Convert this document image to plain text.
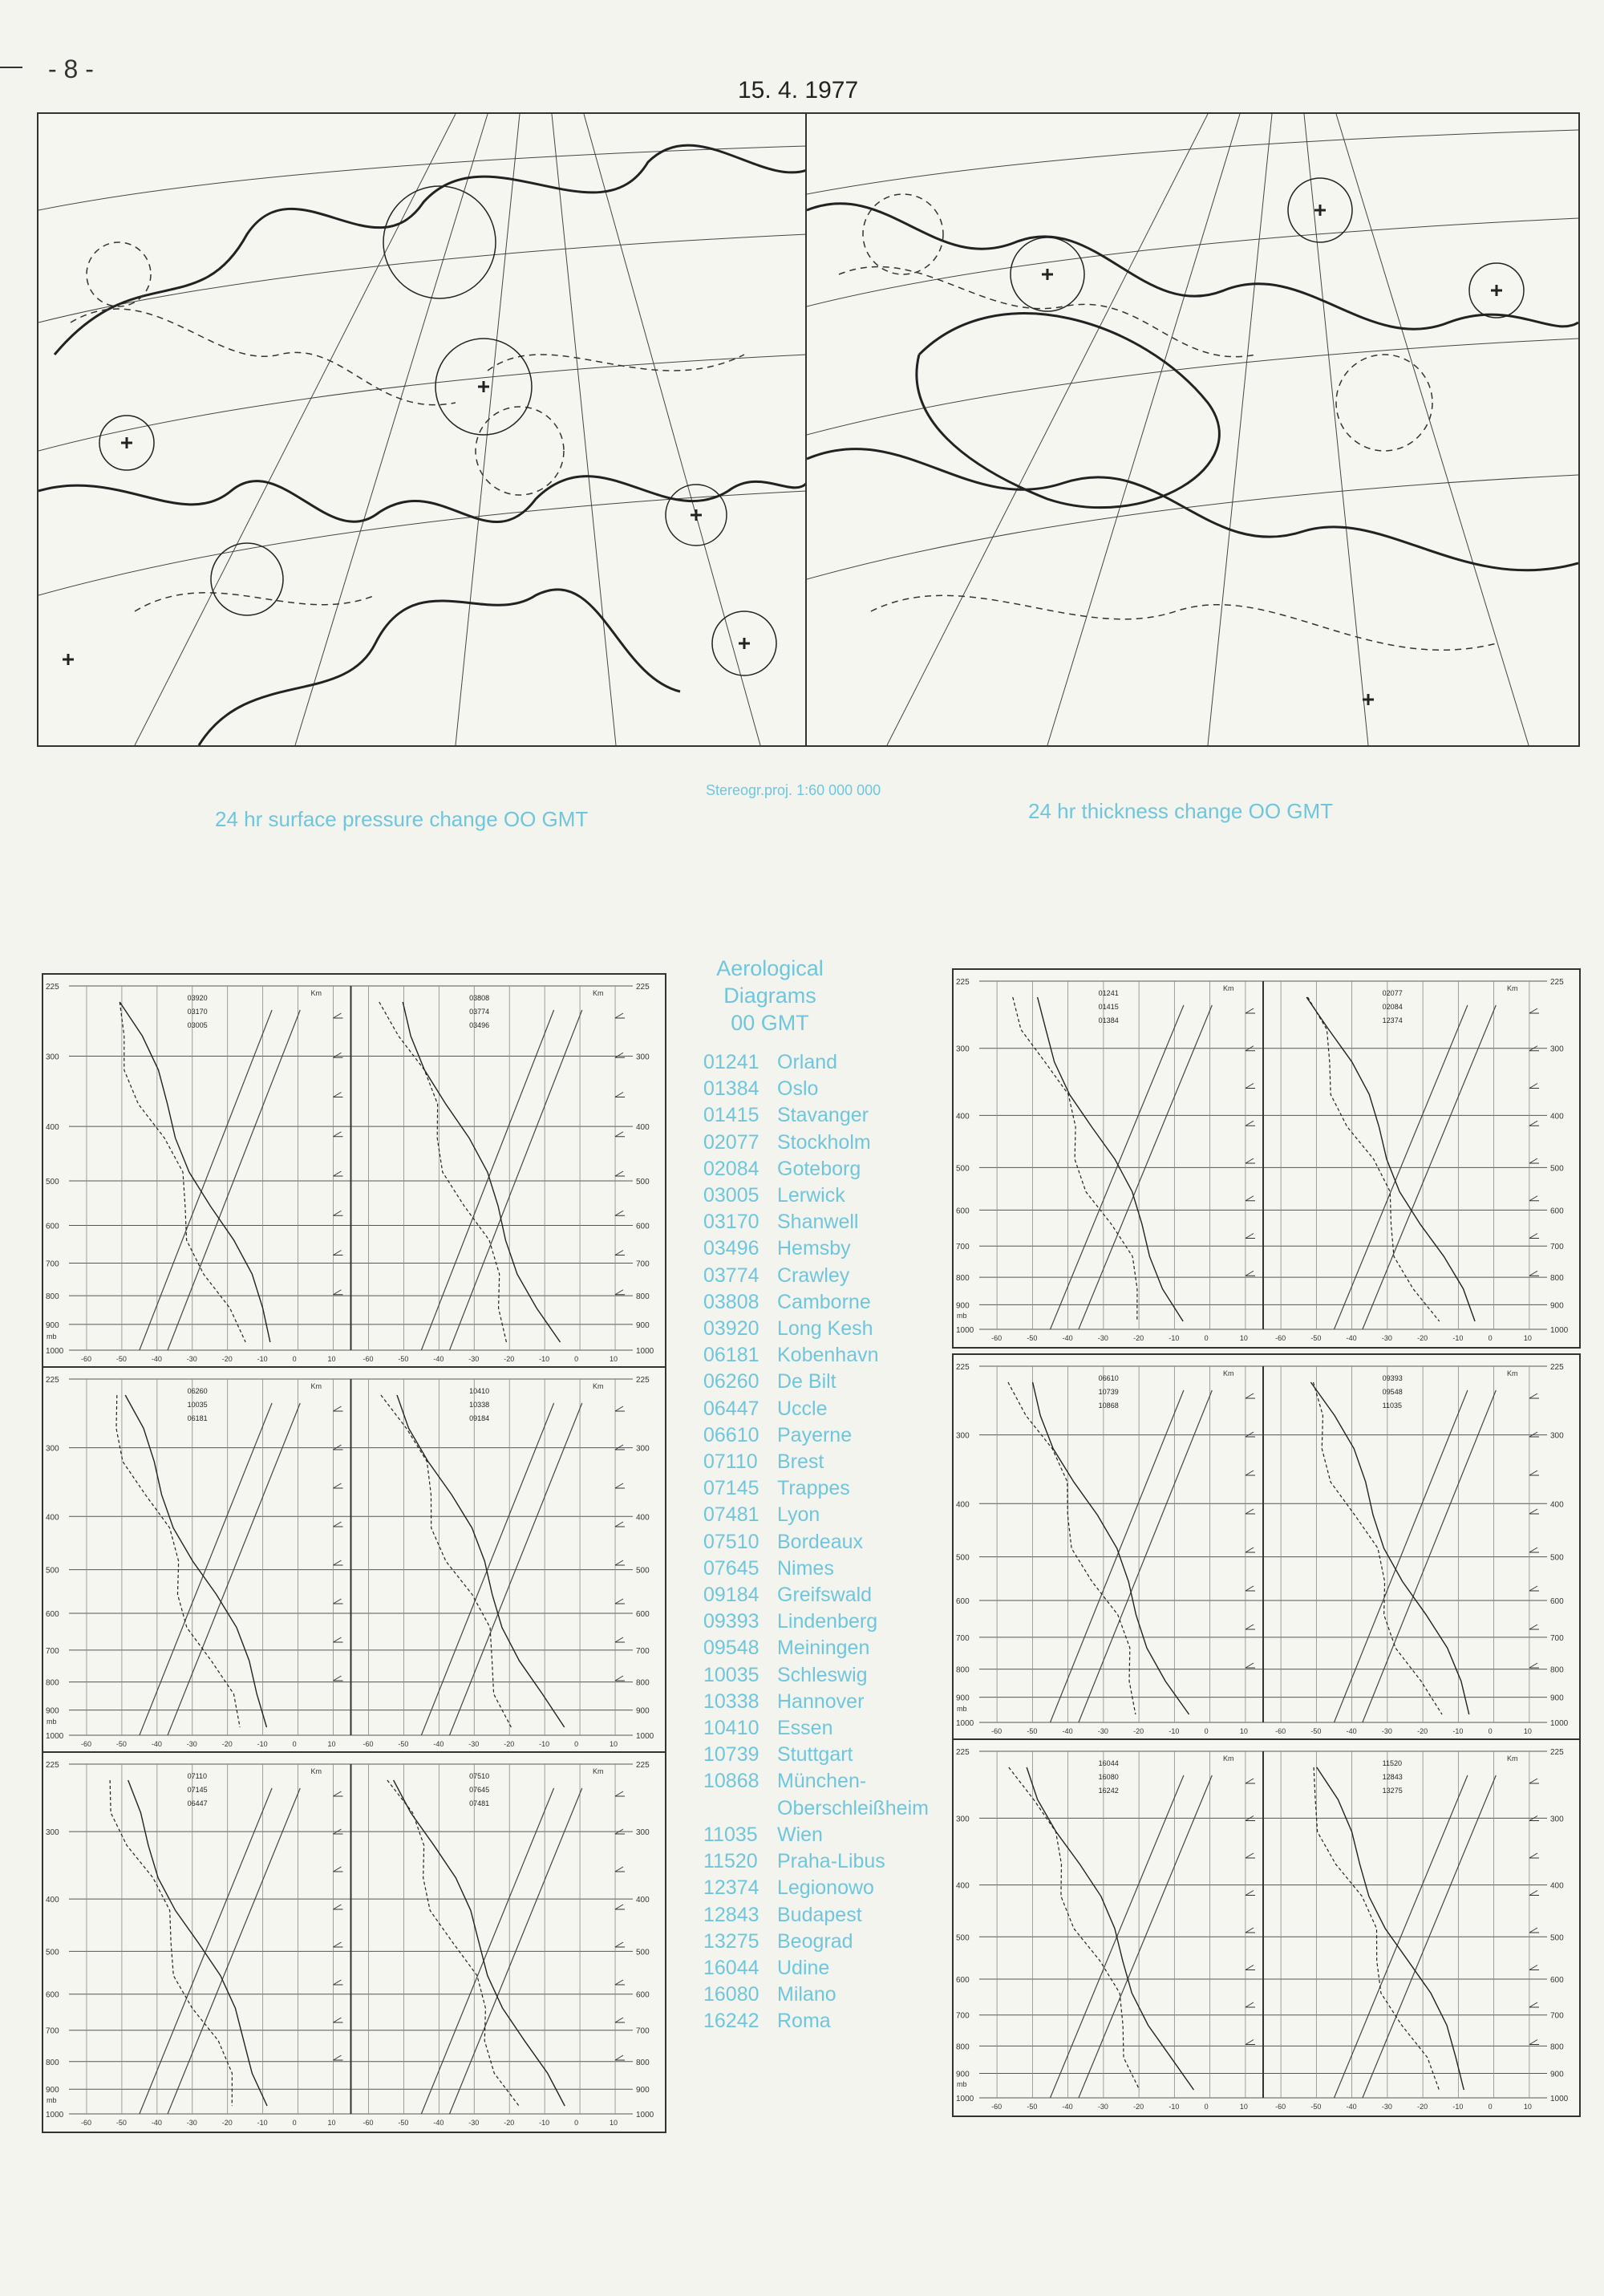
- 8 -
15. 4. 1977
24 hr surface pressure change OO GMT
Stereogr.proj. 1:60 000 000
24 hr thickness change OO GMT
Aerological
Diagrams
00 GMT
01241 Orland
01384 Oslo
01415 Stavanger
02077 Stockholm
02084 Goteborg
03005 Lerwick
03170 Shanwell
03496 Hemsby
03774 Crawley
03808 Camborne
03920 Long Kesh
06181 Kobenhavn
06260 De Bilt
06447 Uccle
06610 Payerne
07110 Brest
07145 Trappes
07481 Lyon
07510 Bordeaux
07645 Nimes
09184 Greifswald
09393 Lindenberg
09548 Meiningen
10035 Schleswig
10338 Hannover
10410 Essen
10739 Stuttgart
10868 München-
Oberschleißheim
11035 Wien
11520 Praha-Libus
12374 Legionowo
12843 Budapest
13275 Beograd
16044 Udine
16080 Milano
16242 Roma
225	225
300	300
400	400
500	500
600	600
700	700
800	800
900	900
1000	1000
mb
-60	-50	-40	-30	-20	-10	0	10
Km
03920
03170
03005
-60	-50	-40	-30	-20	-10	0	10
Km
03808
03774
03496
225	225
300	300
400	400
500	500
600	600
700	700
800	800
900	900
1000	1000
mb
-60	-50	-40	-30	-20	-10	0	10
Km
06260
10035
06181
-60	-50	-40	-30	-20	-10	0	10
Km
10410
10338
09184
225	225
300	300
400	400
500	500
600	600
700	700
800	800
900	900
1000	1000
mb
-60	-50	-40	-30	-20	-10	0	10
Km
07110
07145
06447
-60	-50	-40	-30	-20	-10	0	10
Km
07510
07645
07481
225	225
300	300
400	400
500	500
600	600
700	700
800	800
900	900
1000	1000
mb
-60	-50	-40	-30	-20	-10	0	10
Km
01241
01415
01384
-60	-50	-40	-30	-20	-10	0	10
Km
02077
02084
12374
225	225
300	300
400	400
500	500
600	600
700	700
800	800
900	900
1000	1000
mb
-60	-50	-40	-30	-20	-10	0	10
Km
06610
10739
10868
-60	-50	-40	-30	-20	-10	0	10
Km
09393
09548
11035
225	225
300	300
400	400
500	500
600	600
700	700
800	800
900	900
1000	1000
mb
-60	-50	-40	-30	-20	-10	0	10
Km
16044
16080
16242
-60	-50	-40	-30	-20	-10	0	10
Km
11520
12843
13275
